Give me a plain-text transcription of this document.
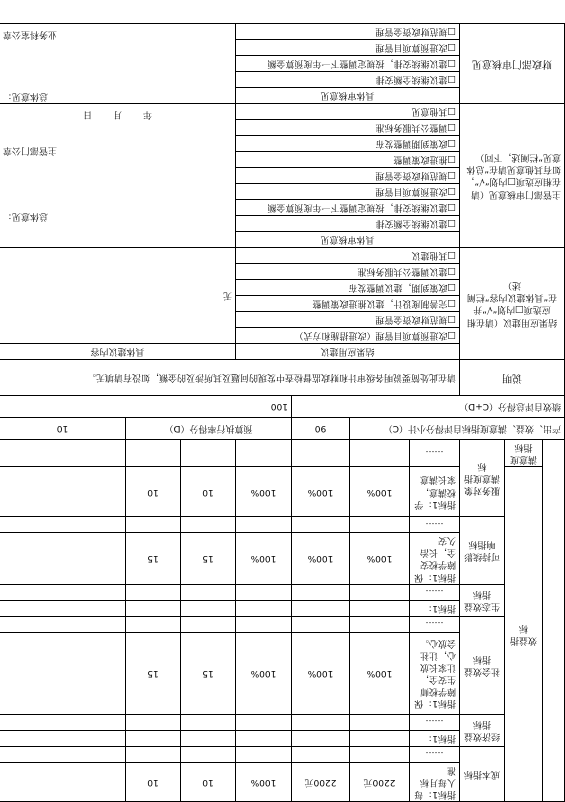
	效益指标	成本指标	指标1：每人每月标准	2200元	2200元	100%	10	10	
			……						
		经济效益指标	指标1：						
			……						
		社会效益指标	指标1：保障学校师生安全，让家长放心，让社会放心。	100%	100%	100%	15	15	
			……						
		生态效益指标	指标1：						
			……						
		可持续影响指标	指标1：保障学校安全，长治久安	100%	100%	100%	15	15	
			……						
		服务对象满意度指标	指标1：学校满意，家长满意	100%	100%	100%	10	10	
	满意度指标		……						
产出、效益、满意度指标自评得分小计（C）					90	预算执行率得分（D）			10
绩效自评总得分（C+D）						100			
说明			请在此处简要说明各级审计和财政监督检查中发现的问题及其所涉及的金额，如没有请填无。						
结果应用建议（请在相应选项□内划“√”并在“具体建议内容”栏阐述）			结果应用建议				具体建议内容		
			□改进预算项目管理（改进措施和方式）				无		
			□规范财政资金管理						
			□完善制度设计，建议推进政策调整						
			□政策到期，建议调整发布						
			□建议调整公共服务标准						
			□其他建议						
主管部门审核意见（请在相应选项□内划“√”，如有其他意见请在“总体意见”栏阐述，下同）			具体审核意见				总体意见：
主管部门公章
年 月 日		

			□建议继续全额安排						
			□建议继续安排，按规定调整下一年度预算金额						
			□改进预算项目管理						
			□规范财政资金管理						
			□推进政策调整						
			□政策到期调整发布						
			□调整公共服务标准						
			□其他意见						
财政部门审核意见			具体审核意见				总体意见：
业务科室公章		

			□建议继续全额安排						
			□建议继续安排，按规定调整下一年度预算金额						
			□改进预算项目管理						
			□规范财政资金管理						
